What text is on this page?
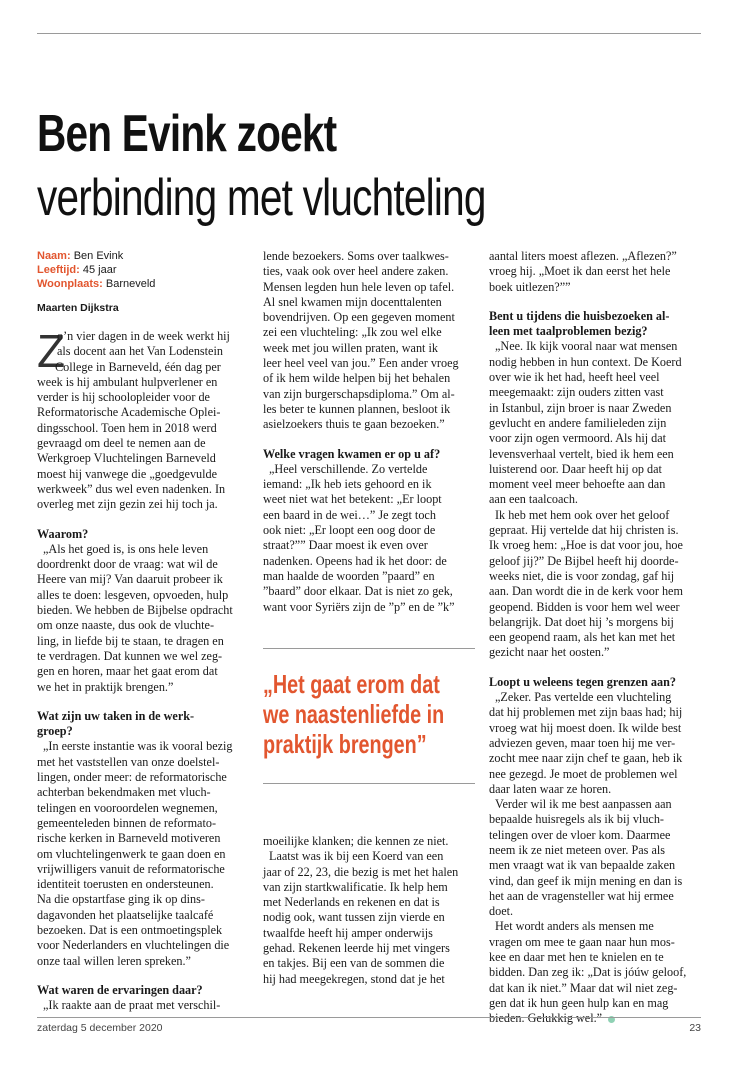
Ben Evink zoekt
verbinding met vluchteling
Naam: Ben Evink
Leeftijd: 45 jaar
Woonplaats: Barneveld
Maarten Dijkstra
Z
o’n vier dagen in de week werkt hij
als docent aan het Van Lodenstein
College in Barneveld, één dag per
week is hij ambulant hulpverlener en
verder is hij schoolopleider voor de
Reformatorische Academische Oplei-
dingsschool. Toen hem in 2018 werd
gevraagd om deel te nemen aan de
Werkgroep Vluchtelingen Barneveld
moest hij vanwege die „goedgevulde
werkweek” dus wel even nadenken. In
overleg met zijn gezin zei hij toch ja.
Waarom?
„Als het goed is, is ons hele leven
doordrenkt door de vraag: wat wil de
Heere van mij? Van daaruit probeer ik
alles te doen: lesgeven, opvoeden, hulp
bieden. We hebben de Bijbelse opdracht
om onze naaste, dus ook de vluchte-
ling, in liefde bij te staan, te dragen en
te verdragen. Dat kunnen we wel zeg-
gen en horen, maar het gaat erom dat
we het in praktijk brengen.”
Wat zijn uw taken in de werk-
groep?
„In eerste instantie was ik vooral bezig
met het vaststellen van onze doelstel-
lingen, onder meer: de reformatorische
achterban bekendmaken met vluch-
telingen en vooroordelen wegnemen,
gemeenteleden binnen de reformato-
rische kerken in Barneveld motiveren
om vluchtelingenwerk te gaan doen en
vrijwilligers vanuit de reformatorische
identiteit toerusten en ondersteunen.
Na die opstartfase ging ik op dins-
dagavonden het plaatselijke taalcafé
bezoeken. Dat is een ontmoetingsplek
voor Nederlanders en vluchtelingen die
onze taal willen leren spreken.”
Wat waren de ervaringen daar?
„Ik raakte aan de praat met verschil-
lende bezoekers. Soms over taalkwes-
ties, vaak ook over heel andere zaken.
Mensen legden hun hele leven op tafel.
Al snel kwamen mijn docenttalenten
bovendrijven. Op een gegeven moment
zei een vluchteling: „Ik zou wel elke
week met jou willen praten, want ik
leer heel veel van jou.” Een ander vroeg
of ik hem wilde helpen bij het behalen
van zijn burgerschapsdiploma.” Om al-
les beter te kunnen plannen, besloot ik
asielzoekers thuis te gaan bezoeken.”
Welke vragen kwamen er op u af?
„Heel verschillende. Zo vertelde
iemand: „Ik heb iets gehoord en ik
weet niet wat het betekent: „Er loopt
een baard in de wei…” Je zegt toch
ook niet: „Er loopt een oog door de
straat?”” Daar moest ik even over
nadenken. Opeens had ik het door: de
man haalde de woorden ”paard” en
”baard” door elkaar. Dat is niet zo gek,
want voor Syriërs zijn de ”p” en de ”k”
„Het gaat erom dat
we naastenliefde in
praktijk brengen”
moeilijke klanken; die kennen ze niet.
Laatst was ik bij een Koerd van een
jaar of 22, 23, die bezig is met het halen
van zijn startkwalificatie. Ik help hem
met Nederlands en rekenen en dat is
nodig ook, want tussen zijn vierde en
twaalfde heeft hij amper onderwijs
gehad. Rekenen leerde hij met vingers
en takjes. Bij een van de sommen die
hij had meegekregen, stond dat je het
aantal liters moest aflezen. „Aflezen?”
vroeg hij. „Moet ik dan eerst het hele
boek uitlezen?””
Bent u tijdens die huisbezoeken al-
leen met taalproblemen bezig?
„Nee. Ik kijk vooral naar wat mensen
nodig hebben in hun context. De Koerd
over wie ik het had, heeft heel veel
meegemaakt: zijn ouders zitten vast
in Istanbul, zijn broer is naar Zweden
gevlucht en andere familieleden zijn
voor zijn ogen vermoord. Als hij dat
levensverhaal vertelt, bied ik hem een
luisterend oor. Daar heeft hij op dat
moment veel meer behoefte aan dan
aan een taalcoach.
Ik heb met hem ook over het geloof
gepraat. Hij vertelde dat hij christen is.
Ik vroeg hem: „Hoe is dat voor jou, hoe
geloof jij?” De Bijbel heeft hij doorde-
weeks niet, die is voor zondag, gaf hij
aan. Dan wordt die in de kerk voor hem
geopend. Bidden is voor hem wel weer
belangrijk. Dat doet hij ’s morgens bij
een geopend raam, als het kan met het
gezicht naar het oosten.”
Loopt u weleens tegen grenzen aan?
„Zeker. Pas vertelde een vluchteling
dat hij problemen met zijn baas had; hij
vroeg wat hij moest doen. Ik wilde best
adviezen geven, maar toen hij me ver-
zocht mee naar zijn chef te gaan, heb ik
nee gezegd. Je moet de problemen wel
daar laten waar ze horen.
Verder wil ik me best aanpassen aan
bepaalde huisregels als ik bij vluch-
telingen over de vloer kom. Daarmee
neem ik ze niet meteen over. Pas als
men vraagt wat ik van bepaalde zaken
vind, dan geef ik mijn mening en dan is
het aan de vragensteller wat hij ermee
doet.
Het wordt anders als mensen me
vragen om mee te gaan naar hun mos-
kee en daar met hen te knielen en te
bidden. Dan zeg ik: „Dat is jóúw geloof,
dat kan ik niet.” Maar dat wil niet zeg-
gen dat ik hun geen hulp kan en mag
bieden. Gelukkig wel.”
zaterdag 5 december 2020	23
